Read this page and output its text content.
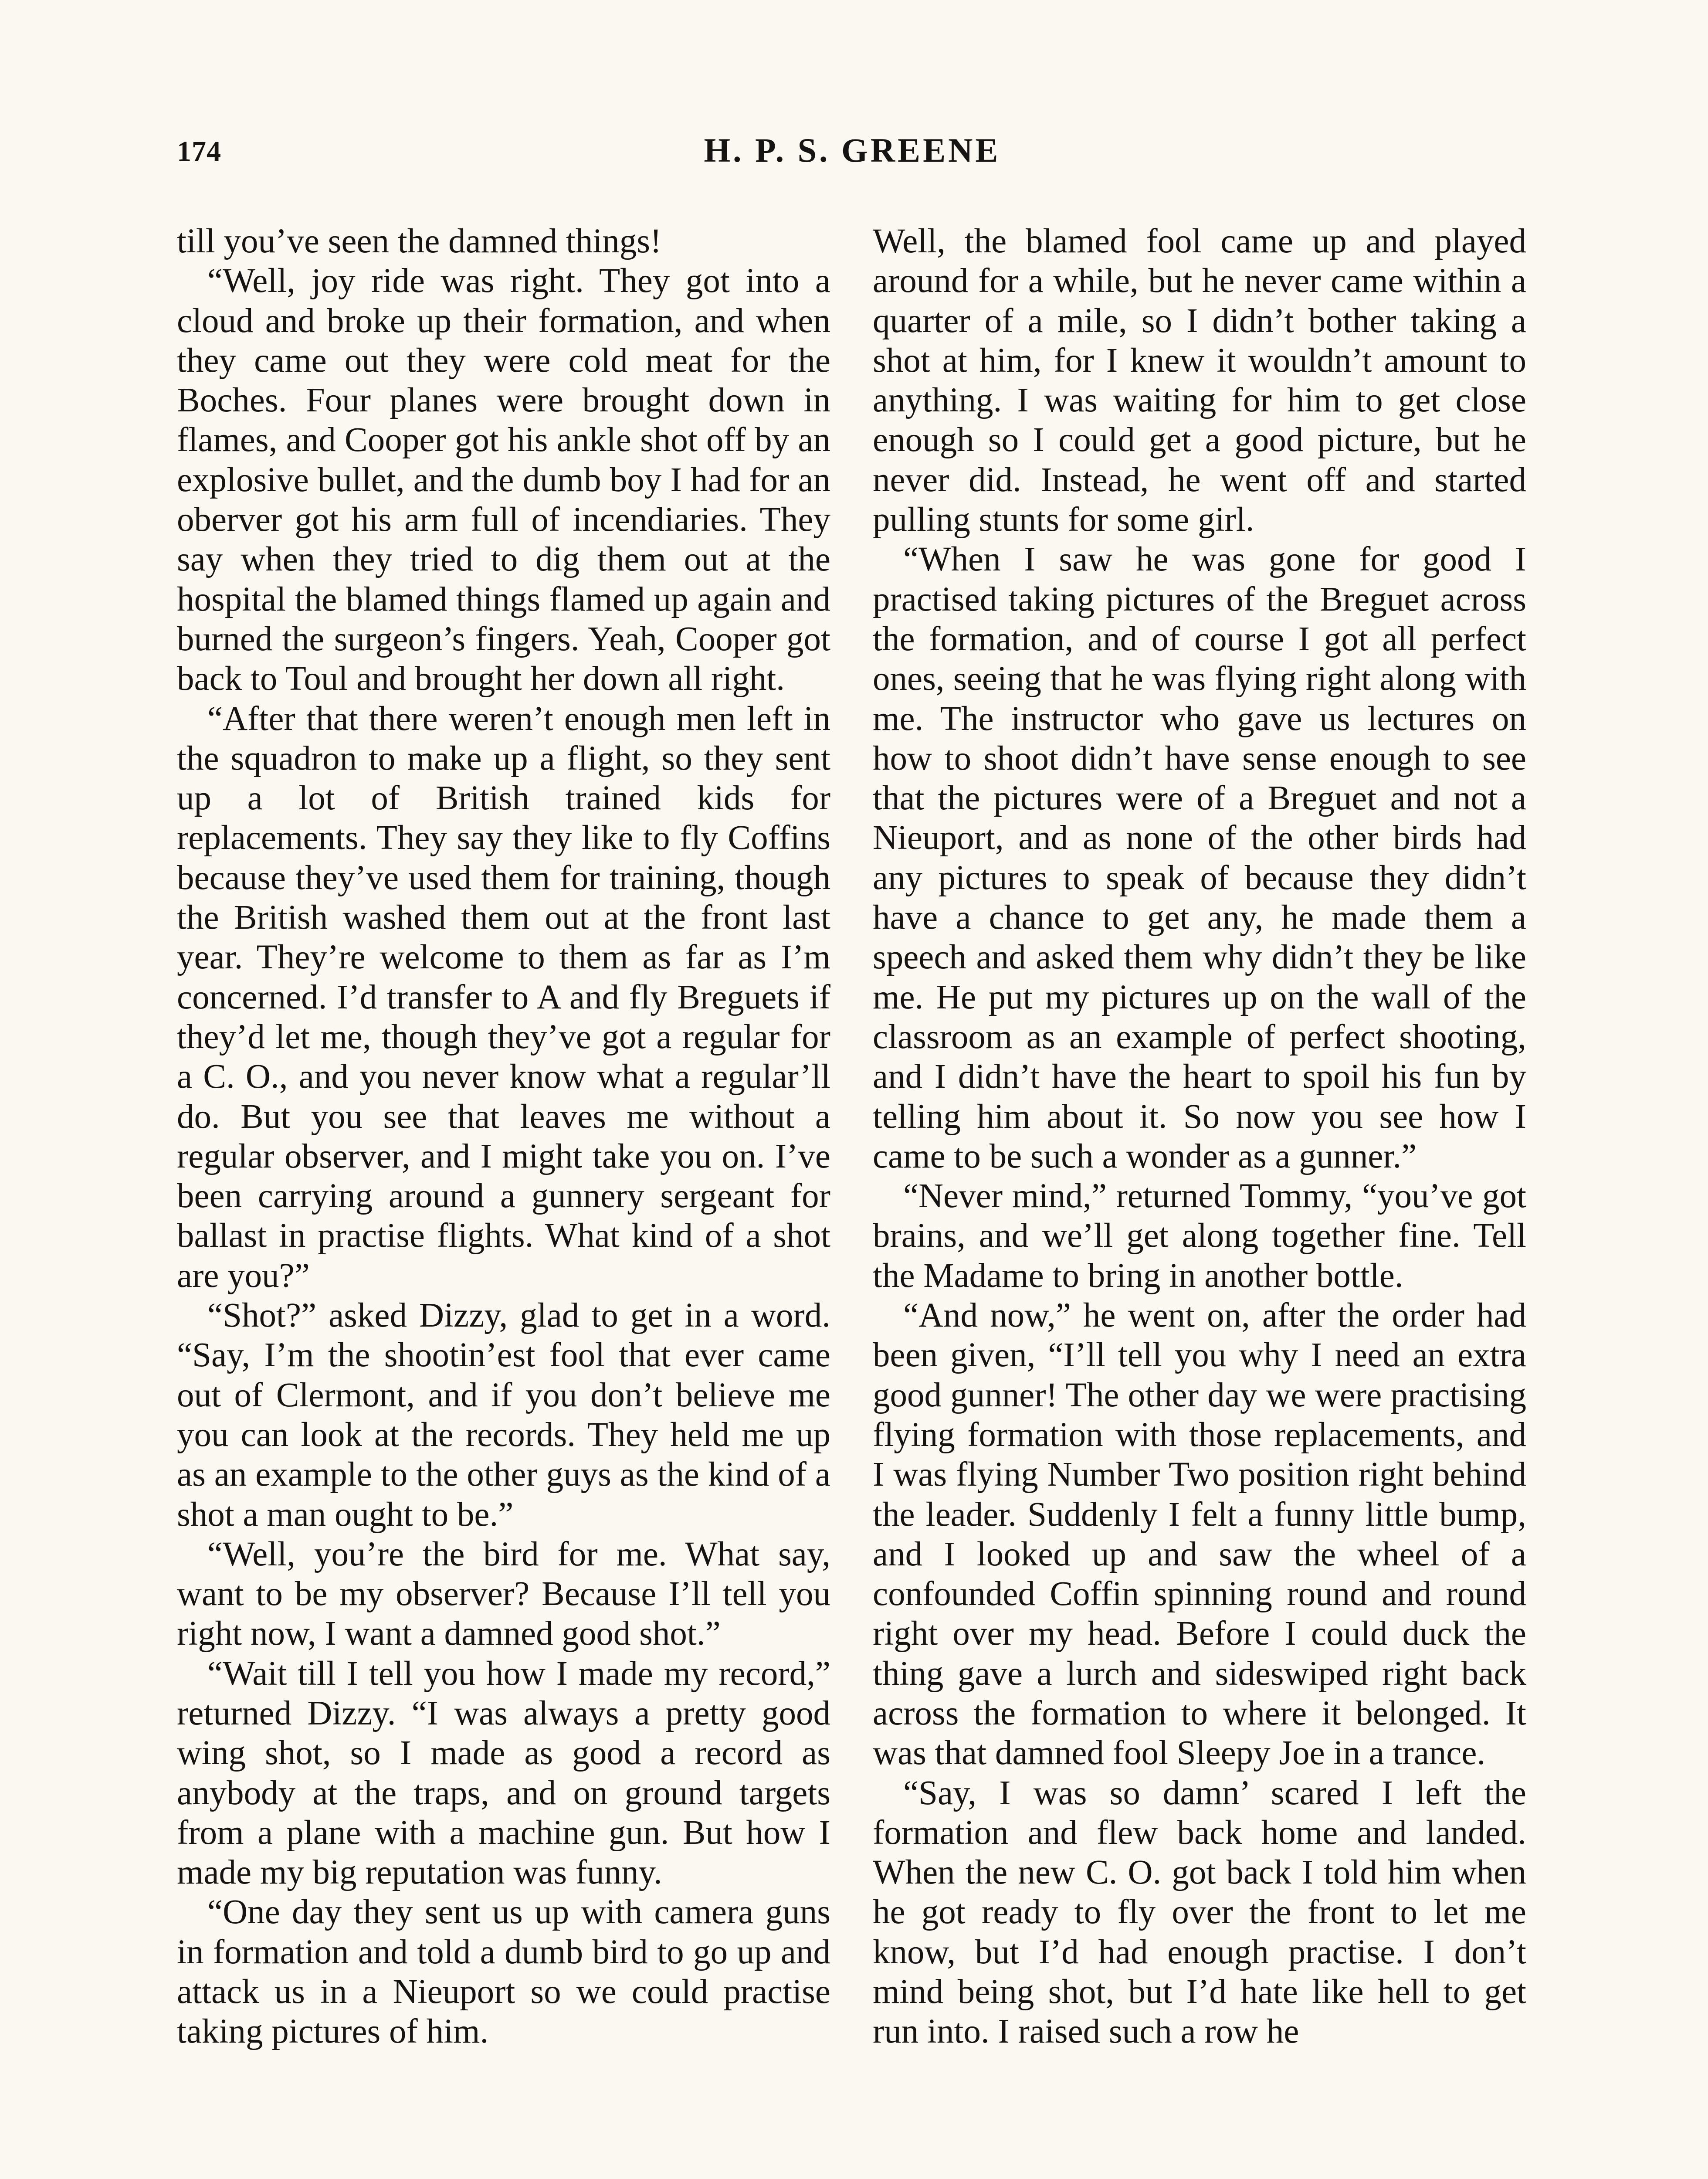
174	H. P. S. GREENE

till you’ve seen the damned things!

“Well, joy ride was right. They got into a cloud and broke up their formation, and when they came out they were cold meat for the Boches. Four planes were brought down in flames, and Cooper got his ankle shot off by an explosive bullet, and the dumb boy I had for an oberver got his arm full of incendiaries. They say when they tried to dig them out at the hospital the blamed things flamed up again and burned the surgeon’s fingers. Yeah, Cooper got back to Toul and brought her down all right.

“After that there weren’t enough men left in the squadron to make up a flight, so they sent up a lot of British trained kids for replacements. They say they like to fly Coffins because they’ve used them for training, though the British washed them out at the front last year. They’re welcome to them as far as I’m concerned. I’d transfer to A and fly Breguets if they’d let me, though they’ve got a regular for a C. O., and you never know what a regular’ll do. But you see that leaves me without a regular observer, and I might take you on. I’ve been carrying around a gunnery sergeant for ballast in practise flights. What kind of a shot are you?”

“Shot?” asked Dizzy, glad to get in a word. “Say, I’m the shootin’est fool that ever came out of Clermont, and if you don’t believe me you can look at the records. They held me up as an example to the other guys as the kind of a shot a man ought to be.”

“Well, you’re the bird for me. What say, want to be my observer? Because I’ll tell you right now, I want a damned good shot.”

“Wait till I tell you how I made my record,” returned Dizzy. “I was always a pretty good wing shot, so I made as good a record as anybody at the traps, and on ground targets from a plane with a machine gun. But how I made my big reputation was funny.

“One day they sent us up with camera guns in formation and told a dumb bird to go up and attack us in a Nieuport so we could practise taking pictures of him.

Well, the blamed fool came up and played around for a while, but he never came within a quarter of a mile, so I didn’t bother taking a shot at him, for I knew it wouldn’t amount to anything. I was waiting for him to get close enough so I could get a good picture, but he never did. Instead, he went off and started pulling stunts for some girl.

“When I saw he was gone for good I practised taking pictures of the Breguet across the formation, and of course I got all perfect ones, seeing that he was flying right along with me. The instructor who gave us lectures on how to shoot didn’t have sense enough to see that the pictures were of a Breguet and not a Nieuport, and as none of the other birds had any pictures to speak of because they didn’t have a chance to get any, he made them a speech and asked them why didn’t they be like me. He put my pictures up on the wall of the classroom as an example of perfect shooting, and I didn’t have the heart to spoil his fun by telling him about it. So now you see how I came to be such a wonder as a gunner.”

“Never mind,” returned Tommy, “you’ve got brains, and we’ll get along together fine. Tell the Madame to bring in another bottle.

“And now,” he went on, after the order had been given, “I’ll tell you why I need an extra good gunner! The other day we were practising flying formation with those replacements, and I was flying Number Two position right behind the leader. Suddenly I felt a funny little bump, and I looked up and saw the wheel of a confounded Coffin spinning round and round right over my head. Before I could duck the thing gave a lurch and sideswiped right back across the formation to where it belonged. It was that damned fool Sleepy Joe in a trance.

“Say, I was so damn’ scared I left the formation and flew back home and landed. When the new C. O. got back I told him when he got ready to fly over the front to let me know, but I’d had enough practise. I don’t mind being shot, but I’d hate like hell to get run into. I raised such a row he
